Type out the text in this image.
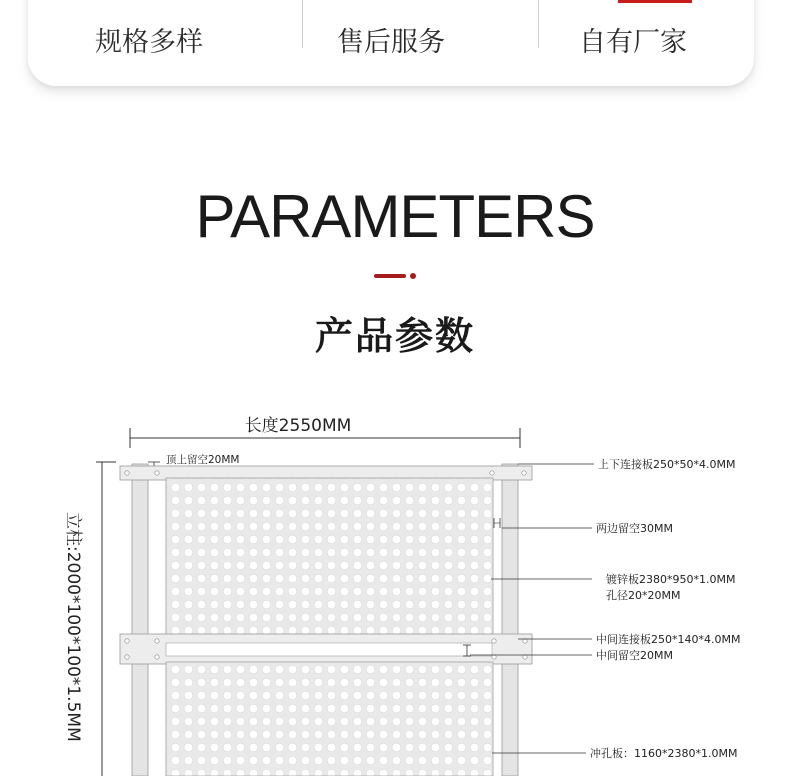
规格多样	售后服务	自有厂家
PARAMETERS
产品参数
长度2550MM
立柱:2000*100*100*1.5MM
顶上留空20MM	上下连接板250*50*4.0MM
两边留空30MM
镀锌板2380*950*1.0MM
孔径20*20MM
中间连接板250*140*4.0MM
中间留空20MM
冲孔板：1160*2380*1.0MM
